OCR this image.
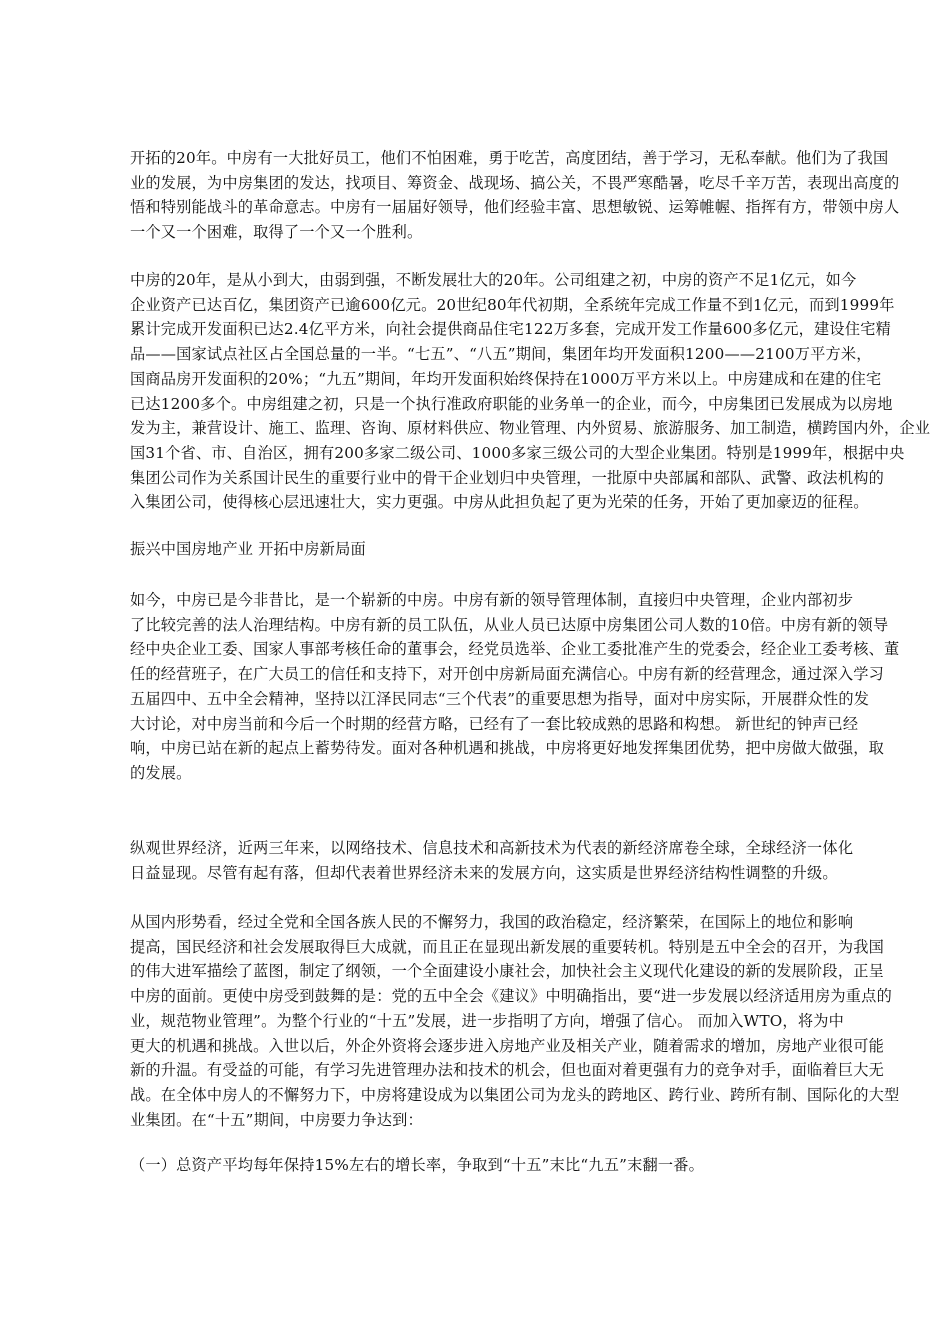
开拓的20年。中房有一大批好员工，他们不怕困难，勇于吃苦，高度团结，善于学习，无私奉献。他们为了我国
业的发展，为中房集团的发达，找项目、筹资金、战现场、搞公关，不畏严寒酷暑，吃尽千辛万苦，表现出高度的
悟和特别能战斗的革命意志。中房有一届届好领导，他们经验丰富、思想敏锐、运筹帷幄、指挥有方，带领中房人
一个又一个困难，取得了一个又一个胜利。
中房的20年，是从小到大，由弱到强，不断发展壮大的20年。公司组建之初，中房的资产不足1亿元，如今
企业资产已达百亿，集团资产已逾600亿元。20世纪80年代初期，全系统年完成工作量不到1亿元，而到1999年
累计完成开发面积已达2.4亿平方米，向社会提供商品住宅122万多套，完成开发工作量600多亿元，建设住宅精
品——国家试点社区占全国总量的一半。“七五”、“八五”期间，集团年均开发面积1200——2100万平方米，
国商品房开发面积的20%；“九五”期间，年均开发面积始终保持在1000万平方米以上。中房建成和在建的住宅
已达1200多个。中房组建之初，只是一个执行准政府职能的业务单一的企业，而今，中房集团已发展成为以房地
发为主，兼营设计、施工、监理、咨询、原材料供应、物业管理、内外贸易、旅游服务、加工制造，横跨国内外，企业
国31个省、市、自治区，拥有200多家二级公司、1000多家三级公司的大型企业集团。特别是1999年，根据中央
集团公司作为关系国计民生的重要行业中的骨干企业划归中央管理，一批原中央部属和部队、武警、政法机构的
入集团公司，使得核心层迅速壮大，实力更强。中房从此担负起了更为光荣的任务，开始了更加豪迈的征程。
振兴中国房地产业 开拓中房新局面
如今，中房已是今非昔比，是一个崭新的中房。中房有新的领导管理体制，直接归中央管理，企业内部初步
了比较完善的法人治理结构。中房有新的员工队伍，从业人员已达原中房集团公司人数的10倍。中房有新的领导
经中央企业工委、国家人事部考核任命的董事会，经党员选举、企业工委批准产生的党委会，经企业工委考核、董
任的经营班子，在广大员工的信任和支持下，对开创中房新局面充满信心。中房有新的经营理念，通过深入学习
五届四中、五中全会精神，坚持以江泽民同志“三个代表”的重要思想为指导，面对中房实际，开展群众性的发
大讨论，对中房当前和今后一个时期的经营方略，已经有了一套比较成熟的思路和构想。 新世纪的钟声已经
响，中房已站在新的起点上蓄势待发。面对各种机遇和挑战，中房将更好地发挥集团优势，把中房做大做强，取
的发展。
纵观世界经济，近两三年来，以网络技术、信息技术和高新技术为代表的新经济席卷全球，全球经济一体化
日益显现。尽管有起有落，但却代表着世界经济未来的发展方向，这实质是世界经济结构性调整的升级。
从国内形势看，经过全党和全国各族人民的不懈努力，我国的政治稳定，经济繁荣，在国际上的地位和影响
提高，国民经济和社会发展取得巨大成就，而且正在显现出新发展的重要转机。特别是五中全会的召开，为我国
的伟大进军描绘了蓝图，制定了纲领，一个全面建设小康社会，加快社会主义现代化建设的新的发展阶段，正呈
中房的面前。更使中房受到鼓舞的是：党的五中全会《建议》中明确指出，要“进一步发展以经济适用房为重点的
业，规范物业管理”。为整个行业的“十五”发展，进一步指明了方向，增强了信心。 而加入WTO，将为中
更大的机遇和挑战。入世以后，外企外资将会逐步进入房地产业及相关产业，随着需求的增加，房地产业很可能
新的升温。有受益的可能，有学习先进管理办法和技术的机会，但也面对着更强有力的竞争对手，面临着巨大无
战。在全体中房人的不懈努力下，中房将建设成为以集团公司为龙头的跨地区、跨行业、跨所有制、国际化的大型
业集团。在“十五”期间，中房要力争达到：
（一）总资产平均每年保持15%左右的增长率，争取到“十五”末比“九五”末翻一番。
